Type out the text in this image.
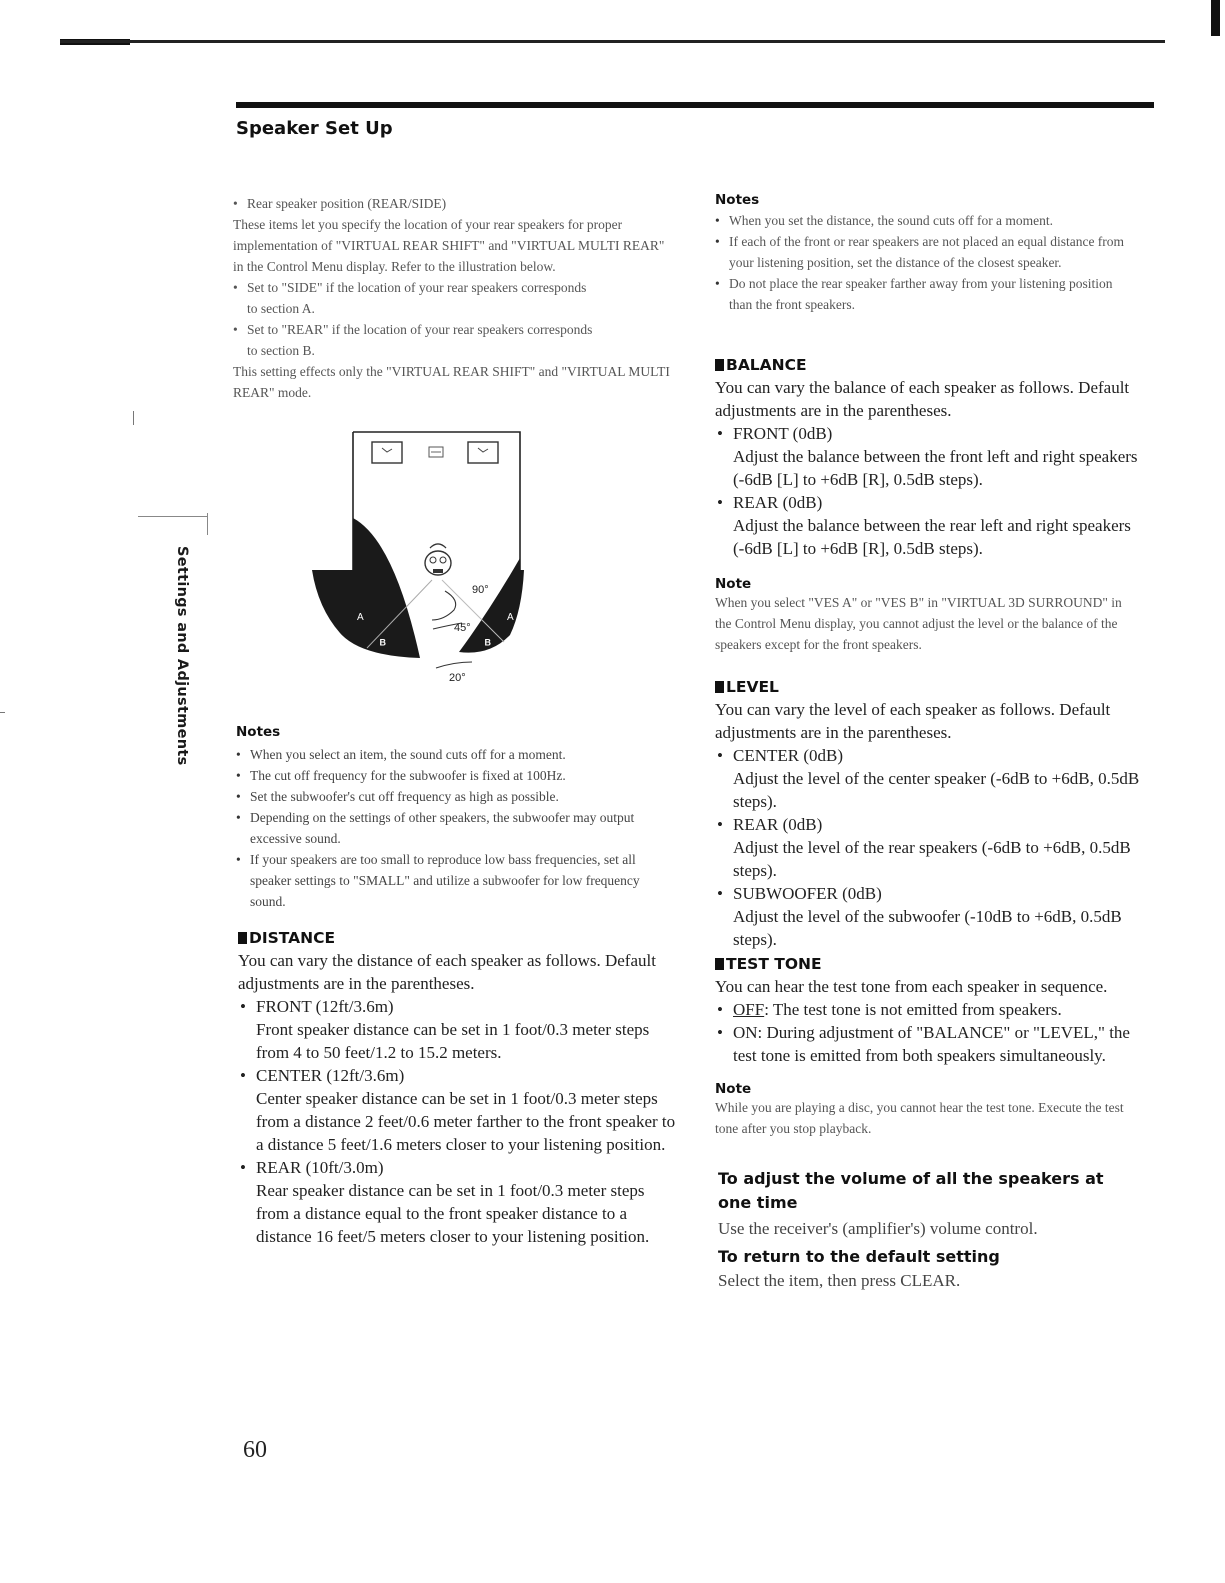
Speaker Set Up
Settings and Adjustments

• Rear speaker position (REAR/SIDE)

These items let you specify the location of your rear speakers for proper implementation of "VIRTUAL REAR SHIFT" and "VIRTUAL MULTI REAR" in the Control Menu display. Refer to the illustration below.

• Set to "SIDE" if the location of your rear speakers corresponds

to section A.

• Set to "REAR" if the location of your rear speakers corresponds

to section B.

This setting effects only the "VIRTUAL REAR SHIFT" and "VIRTUAL MULTI REAR" mode.

90°
45°
20°
A	A
B	B
Notes
• When you select an item, the sound cuts off for a moment.
• The cut off frequency for the subwoofer is fixed at 100Hz.
• Set the subwoofer's cut off frequency as high as possible.
• Depending on the settings of other speakers, the subwoofer may output excessive sound.
• If your speakers are too small to reproduce low bass frequencies, set all speaker settings to "SMALL" and utilize a subwoofer for low frequency sound.
DISTANCE

You can vary the distance of each speaker as follows. Default adjustments are in the parentheses.

• FRONT (12ft/3.6m)

Front speaker distance can be set in 1 foot/0.3 meter steps from 4 to 50 feet/1.2 to 15.2 meters.

• CENTER (12ft/3.6m)

Center speaker distance can be set in 1 foot/0.3 meter steps from a distance 2 feet/0.6 meter farther to the front speaker to a distance 5 feet/1.6 meters closer to your listening position.

• REAR (10ft/3.0m)

Rear speaker distance can be set in 1 foot/0.3 meter steps from a distance equal to the front speaker distance to a distance 16 feet/5 meters closer to your listening position.

60
Notes
• When you set the distance, the sound cuts off for a moment.
• If each of the front or rear speakers are not placed an equal distance from your listening position, set the distance of the closest speaker.
• Do not place the rear speaker farther away from your listening position than the front speakers.
BALANCE

You can vary the balance of each speaker as follows. Default adjustments are in the parentheses.

• FRONT (0dB)

Adjust the balance between the front left and right speakers (-6dB [L] to +6dB [R], 0.5dB steps).

• REAR (0dB)

Adjust the balance between the rear left and right speakers (-6dB [L] to +6dB [R], 0.5dB steps).

Note

When you select "VES A" or "VES B" in "VIRTUAL 3D SURROUND" in the Control Menu display, you cannot adjust the level or the balance of the speakers except for the front speakers.

LEVEL

You can vary the level of each speaker as follows. Default adjustments are in the parentheses.

• CENTER (0dB)

Adjust the level of the center speaker (-6dB to +6dB, 0.5dB steps).

• REAR (0dB)

Adjust the level of the rear speakers (-6dB to +6dB, 0.5dB steps).

• SUBWOOFER (0dB)

Adjust the level of the subwoofer (-10dB to +6dB, 0.5dB steps).

TEST TONE

You can hear the test tone from each speaker in sequence.

• OFF: The test tone is not emitted from speakers.

• ON: During adjustment of "BALANCE" or "LEVEL," the test tone is emitted from both speakers simultaneously.

Note

While you are playing a disc, you cannot hear the test tone. Execute the test tone after you stop playback.

To adjust the volume of all the speakers at one time

Use the receiver's (amplifier's) volume control.

To return to the default setting

Select the item, then press CLEAR.
